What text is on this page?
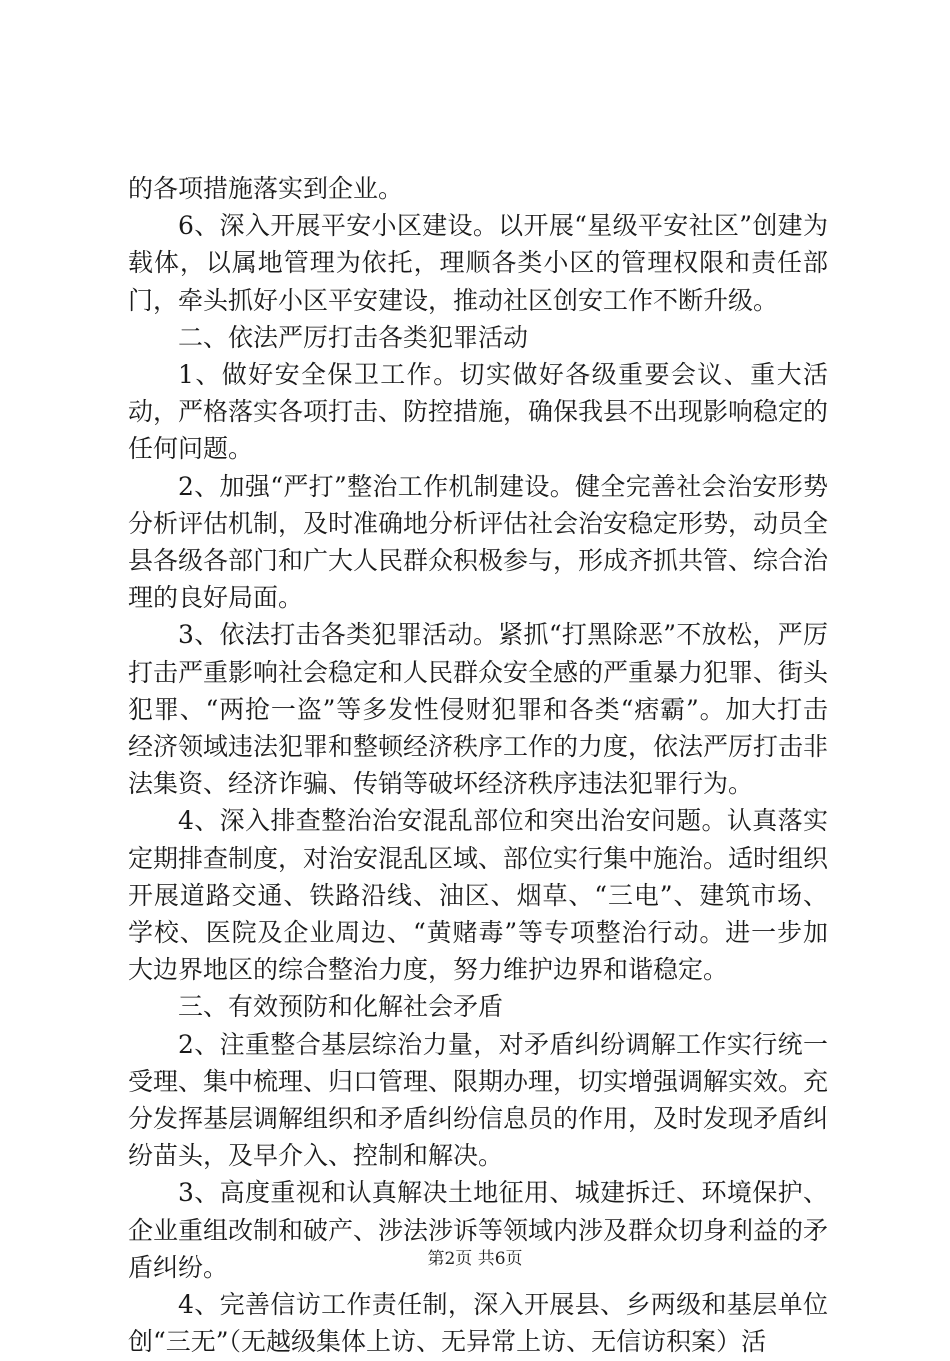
的各项措施落实到企业。

6、深入开展平安小区建设。以开展“星级平安社区”创建为载体，以属地管理为依托，理顺各类小区的管理权限和责任部门，牵头抓好小区平安建设，推动社区创安工作不断升级。

二、依法严厉打击各类犯罪活动

1、做好安全保卫工作。切实做好各级重要会议、重大活动，严格落实各项打击、防控措施，确保我县不出现影响稳定的任何问题。

2、加强“严打”整治工作机制建设。健全完善社会治安形势分析评估机制，及时准确地分析评估社会治安稳定形势，动员全县各级各部门和广大人民群众积极参与，形成齐抓共管、综合治理的良好局面。

3、依法打击各类犯罪活动。紧抓“打黑除恶”不放松，严厉打击严重影响社会稳定和人民群众安全感的严重暴力犯罪、街头犯罪、“两抢一盗”等多发性侵财犯罪和各类“痞霸”。加大打击经济领域违法犯罪和整顿经济秩序工作的力度，依法严厉打击非法集资、经济诈骗、传销等破坏经济秩序违法犯罪行为。

4、深入排查整治治安混乱部位和突出治安问题。认真落实定期排查制度，对治安混乱区域、部位实行集中施治。适时组织开展道路交通、铁路沿线、油区、烟草、“三电”、建筑市场、学校、医院及企业周边、“黄赌毒”等专项整治行动。进一步加大边界地区的综合整治力度，努力维护边界和谐稳定。

三、有效预防和化解社会矛盾

2、注重整合基层综治力量，对矛盾纠纷调解工作实行统一受理、集中梳理、归口管理、限期办理，切实增强调解实效。充分发挥基层调解组织和矛盾纠纷信息员的作用，及时发现矛盾纠纷苗头，及早介入、控制和解决。

3、高度重视和认真解决土地征用、城建拆迁、环境保护、企业重组改制和破产、涉法涉诉等领域内涉及群众切身利益的矛盾纠纷。

4、完善信访工作责任制，深入开展县、乡两级和基层单位创“三无”（无越级集体上访、无异常上访、无信访积案）活

第2页 共6页
